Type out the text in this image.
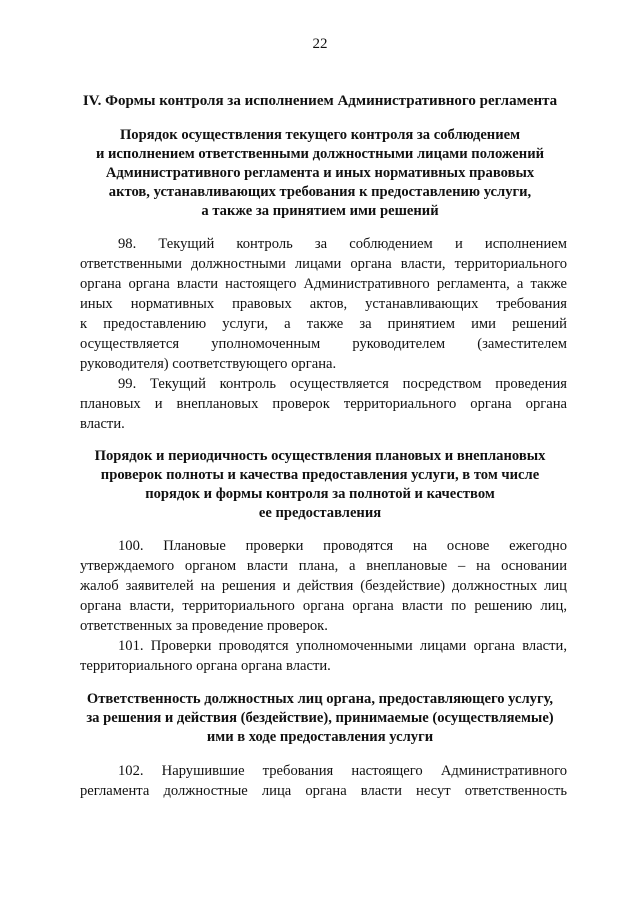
22
IV. Формы контроля за исполнением Административного регламента
Порядок осуществления текущего контроля за соблюдением
и исполнением ответственными должностными лицами положений
Административного регламента и иных нормативных правовых
актов, устанавливающих требования к предоставлению услуги,
а также за принятием ими решений
98. Текущий контроль за соблюдением и исполнением
ответственными должностными лицами органа власти, территориального
органа органа власти настоящего Административного регламента, а также
иных нормативных правовых актов, устанавливающих требования
к предоставлению услуги, а также за принятием ими решений
осуществляется уполномоченным руководителем (заместителем
руководителя) соответствующего органа.
99. Текущий контроль осуществляется посредством проведения
плановых и внеплановых проверок территориального органа органа
власти.
Порядок и периодичность осуществления плановых и внеплановых
проверок полноты и качества предоставления услуги, в том числе
порядок и формы контроля за полнотой и качеством
ее предоставления
100. Плановые проверки проводятся на основе ежегодно
утверждаемого органом власти плана, а внеплановые – на основании
жалоб заявителей на решения и действия (бездействие) должностных лиц
органа власти, территориального органа органа власти по решению лиц,
ответственных за проведение проверок.
101. Проверки проводятся уполномоченными лицами органа власти,
территориального органа органа власти.
Ответственность должностных лиц органа, предоставляющего услугу,
за решения и действия (бездействие), принимаемые (осуществляемые)
ими в ходе предоставления услуги
102. Нарушившие требования настоящего Административного
регламента должностные лица органа власти несут ответственность
